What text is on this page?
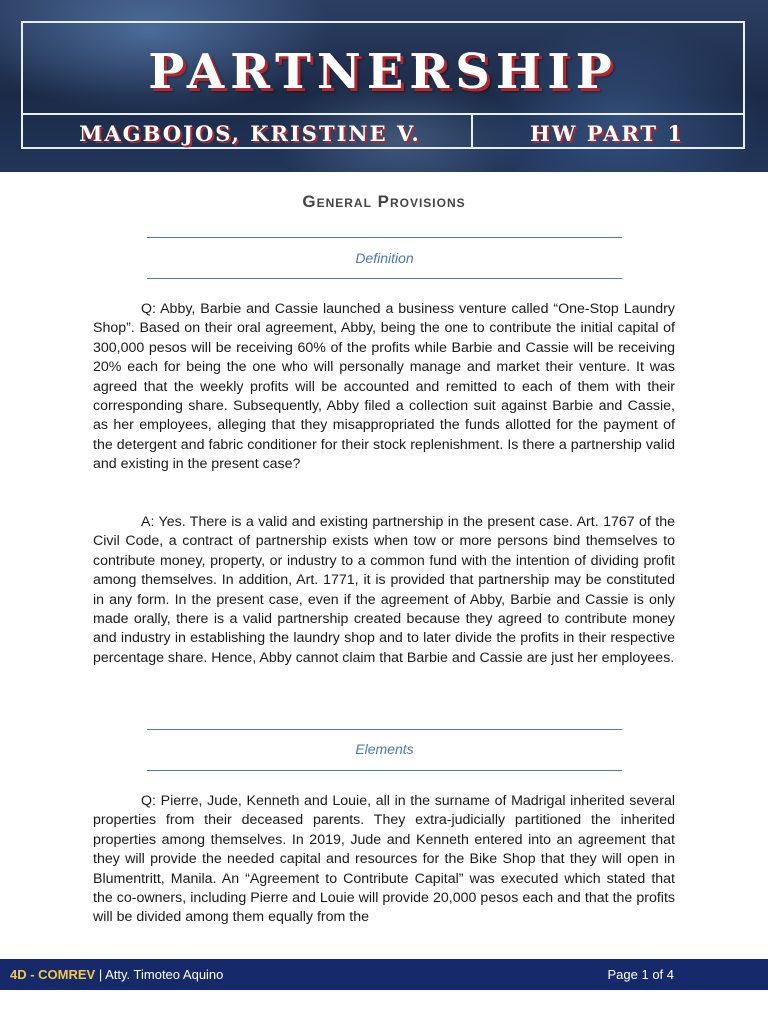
PARTNERSHIP
MAGBOJOS, KRISTINE V.	HW PART 1
General Provisions
Definition

Q: Abby, Barbie and Cassie launched a business venture called “One-Stop Laundry Shop”. Based on their oral agreement, Abby, being the one to contribute the initial capital of 300,000 pesos will be receiving 60% of the profits while Barbie and Cassie will be receiving 20% each for being the one who will personally manage and market their venture. It was agreed that the weekly profits will be accounted and remitted to each of them with their corresponding share. Subsequently, Abby filed a collection suit against Barbie and Cassie, as her employees, alleging that they misappropriated the funds allotted for the payment of the detergent and fabric conditioner for their stock replenishment. Is there a partnership valid and existing in the present case?

A: Yes. There is a valid and existing partnership in the present case. Art. 1767 of the Civil Code, a contract of partnership exists when tow or more persons bind themselves to contribute money, property, or industry to a common fund with the intention of dividing profit among themselves. In addition, Art. 1771, it is provided that partnership may be constituted in any form. In the present case, even if the agreement of Abby, Barbie and Cassie is only made orally, there is a valid partnership created because they agreed to contribute money and industry in establishing the laundry shop and to later divide the profits in their respective percentage share. Hence, Abby cannot claim that Barbie and Cassie are just her employees.

Elements

Q: Pierre, Jude, Kenneth and Louie, all in the surname of Madrigal inherited several properties from their deceased parents. They extra-judicially partitioned the inherited properties among themselves. In 2019, Jude and Kenneth entered into an agreement that they will provide the needed capital and resources for the Bike Shop that they will open in Blumentritt, Manila. An “Agreement to Contribute Capital” was executed which stated that the co-owners, including Pierre and Louie will provide 20,000 pesos each and that the profits will be divided among them equally from the

4D - COMREV | Atty. Timoteo Aquino	Page 1 of 4
